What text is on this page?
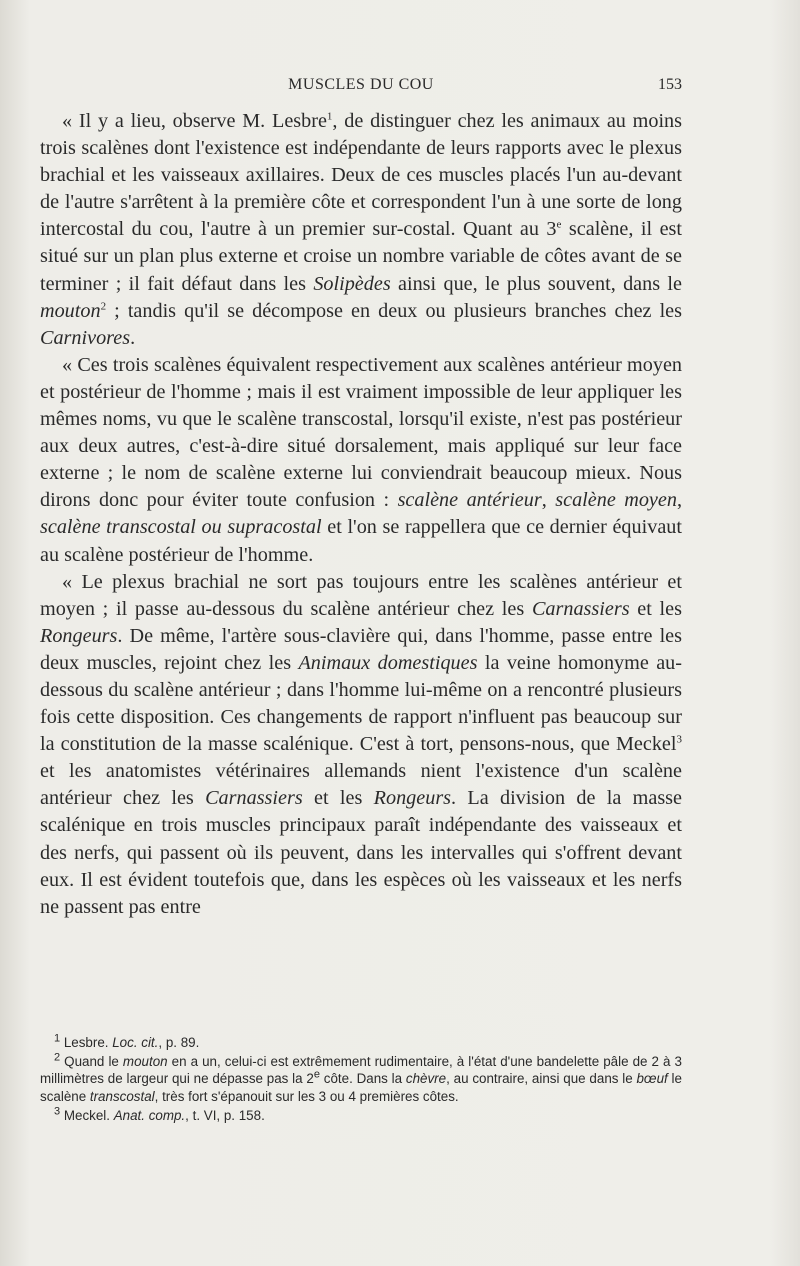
MUSCLES DU COU	153

« Il y a lieu, observe M. Lesbre$^1$, de distinguer chez les animaux au moins trois scalènes dont l'existence est indépendante de leurs rapports avec le plexus brachial et les vaisseaux axillaires. Deux de ces muscles placés l'un au-devant de l'autre s'arrêtent à la première côte et correspondent l'un à une sorte de long intercostal du cou, l'autre à un premier sur-costal. Quant au 3e scalène, il est situé sur un plan plus externe et croise un nombre variable de côtes avant de se terminer ; il fait défaut dans les Solipèdes ainsi que, le plus souvent, dans le mouton$^2$ ; tandis qu'il se décompose en deux ou plusieurs branches chez les Carnivores.

« Ces trois scalènes équivalent respectivement aux scalènes antérieur moyen et postérieur de l'homme ; mais il est vraiment impossible de leur appliquer les mêmes noms, vu que le scalène transcostal, lorsqu'il existe, n'est pas postérieur aux deux autres, c'est-à-dire situé dorsalement, mais appliqué sur leur face externe ; le nom de scalène externe lui conviendrait beaucoup mieux. Nous dirons donc pour éviter toute confusion : scalène antérieur, scalène moyen, scalène transcostal ou supracostal et l'on se rappellera que ce dernier équivaut au scalène postérieur de l'homme.

« Le plexus brachial ne sort pas toujours entre les scalènes antérieur et moyen ; il passe au-dessous du scalène antérieur chez les Carnassiers et les Rongeurs. De même, l'artère sous-clavière qui, dans l'homme, passe entre les deux muscles, rejoint chez les Animaux domestiques la veine homonyme au-dessous du scalène antérieur ; dans l'homme lui-même on a rencontré plusieurs fois cette disposition. Ces changements de rapport n'influent pas beaucoup sur la constitution de la masse scalénique. C'est à tort, pensons-nous, que Meckel$^3$ et les anatomistes vétérinaires allemands nient l'existence d'un scalène antérieur chez les Carnassiers et les Rongeurs. La division de la masse scalénique en trois muscles principaux paraît indépendante des vaisseaux et des nerfs, qui passent où ils peuvent, dans les intervalles qui s'offrent devant eux. Il est évident toutefois que, dans les espèces où les vaisseaux et les nerfs ne passent pas entre

$^1$ Lesbre. Loc. cit., p. 89.

$^2$ Quand le mouton en a un, celui-ci est extrêmement rudimentaire, à l'état d'une bandelette pâle de 2 à 3 millimètres de largeur qui ne dépasse pas la 2e côte. Dans la chèvre, au contraire, ainsi que dans le bœuf le scalène transcostal, très fort s'épanouit sur les 3 ou 4 premières côtes.

$^3$ Meckel. Anat. comp., t. VI, p. 158.
